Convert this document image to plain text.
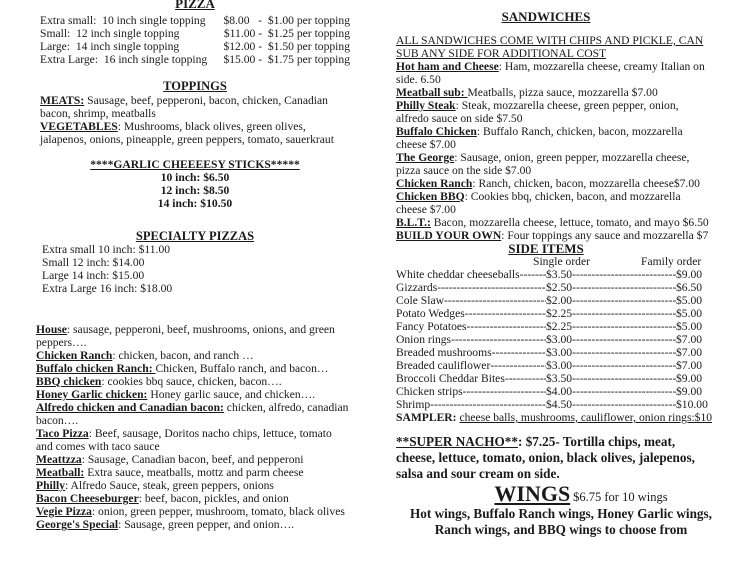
PIZZA
Extra small:  10 inch single topping	$8.00   -  $1.00 per topping
Small:  12 inch single topping	$11.00 -  $1.25 per topping
Large:  14 inch single topping	$12.00 -  $1.50 per topping
Extra Large:  16 inch single topping	$15.00 -  $1.75 per topping
TOPPINGS
MEATS: Sausage, beef, pepperoni, bacon, chicken, Canadian bacon, shrimp, meatballs
VEGETABLES: Mushrooms, black olives, green olives, jalapenos, onions, pineapple, green peppers, tomato, sauerkraut
****GARLIC CHEEEESY STICKS*****
10 inch: $6.50
12 inch: $8.50
14 inch: $10.50
SPECIALTY PIZZAS
Extra small 10 inch: $11.00
Small 12 inch: $14.00
Large 14 inch: $15.00
Extra Large 16 inch: $18.00
House: sausage, pepperoni, beef, mushrooms, onions, and green peppers….
Chicken Ranch: chicken, bacon, and ranch …
Buffalo chicken Ranch: Chicken, Buffalo ranch, and bacon…
BBQ chicken: cookies bbq sauce, chicken, bacon….
Honey Garlic chicken: Honey garlic sauce, and chicken….
Alfredo chicken and Canadian bacon: chicken, alfredo, canadian bacon….
Taco Pizza: Beef, sausage, Doritos nacho chips, lettuce, tomato and comes with taco sauce
Meattzza: Sausage, Canadian bacon, beef, and pepperoni
Meatball: Extra sauce, meatballs, mottz and parm cheese
Philly: Alfredo Sauce, steak, green peppers, onions
Bacon Cheeseburger: beef, bacon, pickles, and onion
Vegie Pizza: onion, green pepper, mushroom, tomato, black olives
George's Special: Sausage, green pepper, and onion….
SANDWICHES
ALL SANDWICHES COME WITH CHIPS AND PICKLE, CAN SUB ANY SIDE FOR ADDITIONAL COST
Hot ham and Cheese: Ham, mozzarella cheese, creamy Italian on side. 6.50
Meatball sub: Meatballs, pizza sauce, mozzarella $7.00
Philly Steak: Steak, mozzarella cheese, green pepper, onion, alfredo sauce on side $7.50
Buffalo Chicken: Buffalo Ranch, chicken, bacon, mozzarella cheese $7.00
The George: Sausage, onion, green pepper, mozzarella cheese, pizza sauce on the side $7.00
Chicken Ranch: Ranch, chicken, bacon, mozzarella cheese$7.00
Chicken BBQ: Cookies bbq, chicken, bacon, and mozzarella cheese $7.00
B.L.T.: Bacon, mozzarella cheese, lettuce, tomato, and mayo $6.50
BUILD YOUR OWN: Four toppings any sauce and mozzarella $7
SIDE ITEMS
Single order	Family order
White cheddar cheeseballs ----- $3.50 -----	$9.00
Gizzards -----	$2.50 -----	$6.50
Cole Slaw -----	$2.00 -----	$5.00
Potato Wedges -----	$2.25 -----	$5.00
Fancy Potatoes -----	$2.25 -----	$5.00
Onion rings -----	$3.00 -----	$7.00
Breaded mushrooms -----	$3.00 -----	$7.00
Breaded cauliflower -----	$3.00 -----	$7.00
Broccoli Cheddar Bites -----	$3.50 -----	$9.00
Chicken strips -----	$4.00 -----	$9.00
Shrimp -----	$4.50 -----	$10.00
SAMPLER: cheese balls, mushrooms, cauliflower, onion rings:$10
**SUPER NACHO**: $7.25- Tortilla chips, meat, cheese, lettuce, tomato, onion, black olives, jalepenos, salsa and sour cream on side.
WINGS $6.75 for 10 wings
Hot wings, Buffalo Ranch wings, Honey Garlic wings, Ranch wings, and BBQ wings to choose from
